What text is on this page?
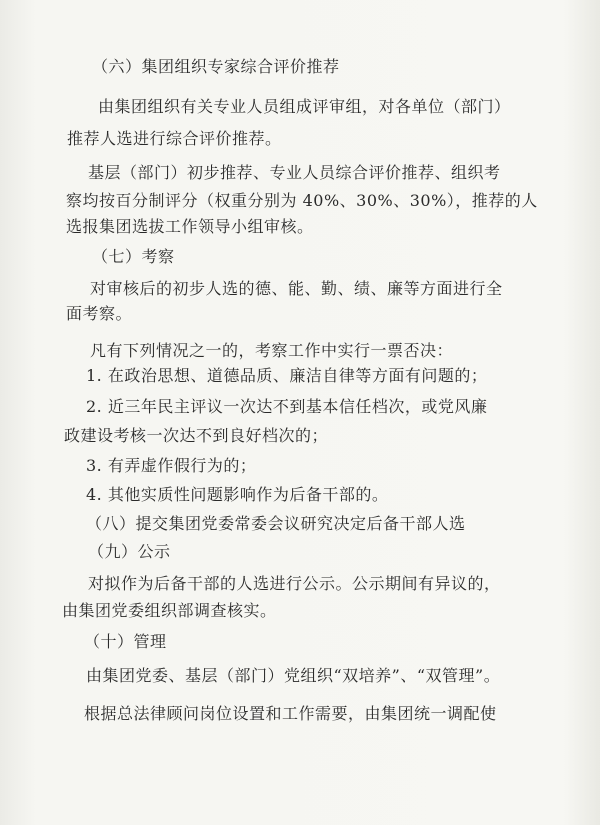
（六）集团组织专家综合评价推荐
由集团组织有关专业人员组成评审组，对各单位（部门）
推荐人选进行综合评价推荐。
基层（部门）初步推荐、专业人员综合评价推荐、组织考
察均按百分制评分（权重分别为 40%、30%、30%），推荐的人
选报集团选拔工作领导小组审核。
（七）考察
对审核后的初步人选的德、能、勤、绩、廉等方面进行全
面考察。
凡有下列情况之一的，考察工作中实行一票否决：
1. 在政治思想、道德品质、廉洁自律等方面有问题的；
2. 近三年民主评议一次达不到基本信任档次，或党风廉
政建设考核一次达不到良好档次的；
3. 有弄虚作假行为的；
4. 其他实质性问题影响作为后备干部的。
（八）提交集团党委常委会议研究决定后备干部人选
（九）公示
对拟作为后备干部的人选进行公示。公示期间有异议的，
由集团党委组织部调查核实。
（十）管理
由集团党委、基层（部门）党组织“双培养”、“双管理”。
根据总法律顾问岗位设置和工作需要，由集团统一调配使
